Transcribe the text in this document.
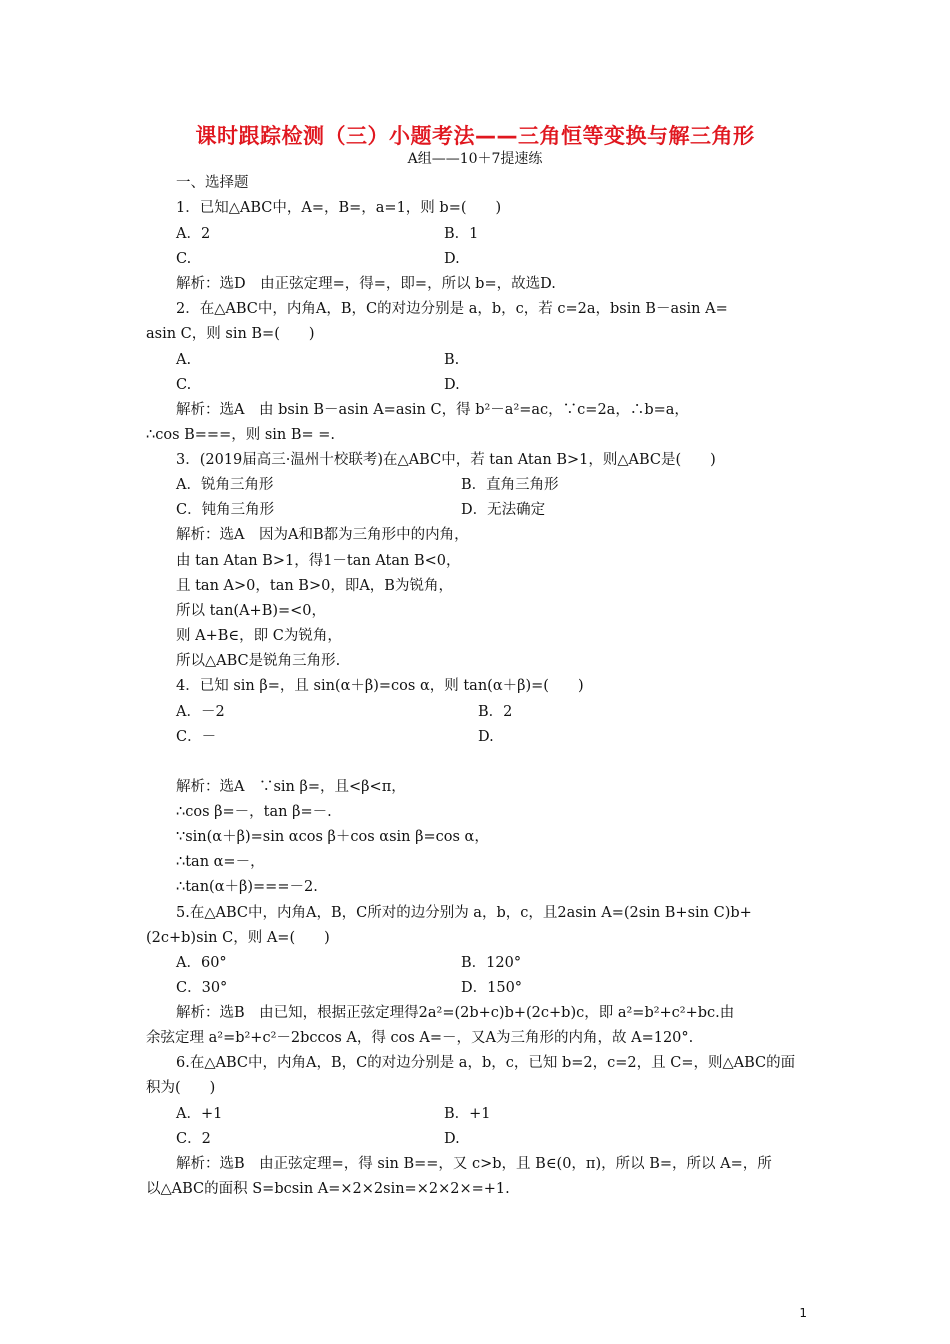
课时跟踪检测（三）小题考法——三角恒等变换与解三角形
A组——10＋7提速练
一、选择题
1．已知△ABC中，A=，B=，a=1，则 b=(　　)
A．2	B．1
C.	D.
解析：选D　由正弦定理=，得=，即=，所以 b=，故选D.
2．在△ABC中，内角A，B，C的对边分别是 a，b，c，若 c=2a，bsin B－asin A=
asin C，则 sin B=(　　)
A.	B.
C.	D.
解析：选A　由 bsin B－asin A=asin C，得 b²－a²=ac，∵c=2a，∴b=a，
∴cos B===，则 sin B= =.
3．(2019届高三·温州十校联考)在△ABC中，若 tan Atan B>1，则△ABC是(　　)
A．锐角三角形	B．直角三角形
C．钝角三角形	D．无法确定
解析：选A　因为A和B都为三角形中的内角，
由 tan Atan B>1，得1－tan Atan B<0，
且 tan A>0，tan B>0，即A，B为锐角，
所以 tan(A+B)=<0，
则 A+B∈，即 C为锐角，
所以△ABC是锐角三角形.
4．已知 sin β=，且 sin(α＋β)=cos α，则 tan(α＋β)=(　　)
A．－2	B．2
C．－	D.
解析：选A　∵sin β=，且<β<π，
∴cos β=－，tan β=－.
∵sin(α＋β)=sin αcos β＋cos αsin β=cos α，
∴tan α=－，
∴tan(α＋β)===－2.
5.在△ABC中，内角A，B，C所对的边分别为 a，b，c，且2asin A=(2sin B+sin C)b+
(2c+b)sin C，则 A=(　　)
A．60°	B．120°
C．30°	D．150°
解析：选B　由已知，根据正弦定理得2a²=(2b+c)b+(2c+b)c，即 a²=b²+c²+bc.由
余弦定理 a²=b²+c²－2bccos A，得 cos A=－，又A为三角形的内角，故 A=120°.
6.在△ABC中，内角A，B，C的对边分别是 a，b，c，已知 b=2，c=2，且 C=，则△ABC的面
积为(　　)
A．+1	B．+1
C．2	D.
解析：选B　由正弦定理=，得 sin B==，又 c>b，且 B∈(0，π)，所以 B=，所以 A=，所
以△ABC的面积 S=bcsin A=×2×2sin=×2×2×=+1.
1
